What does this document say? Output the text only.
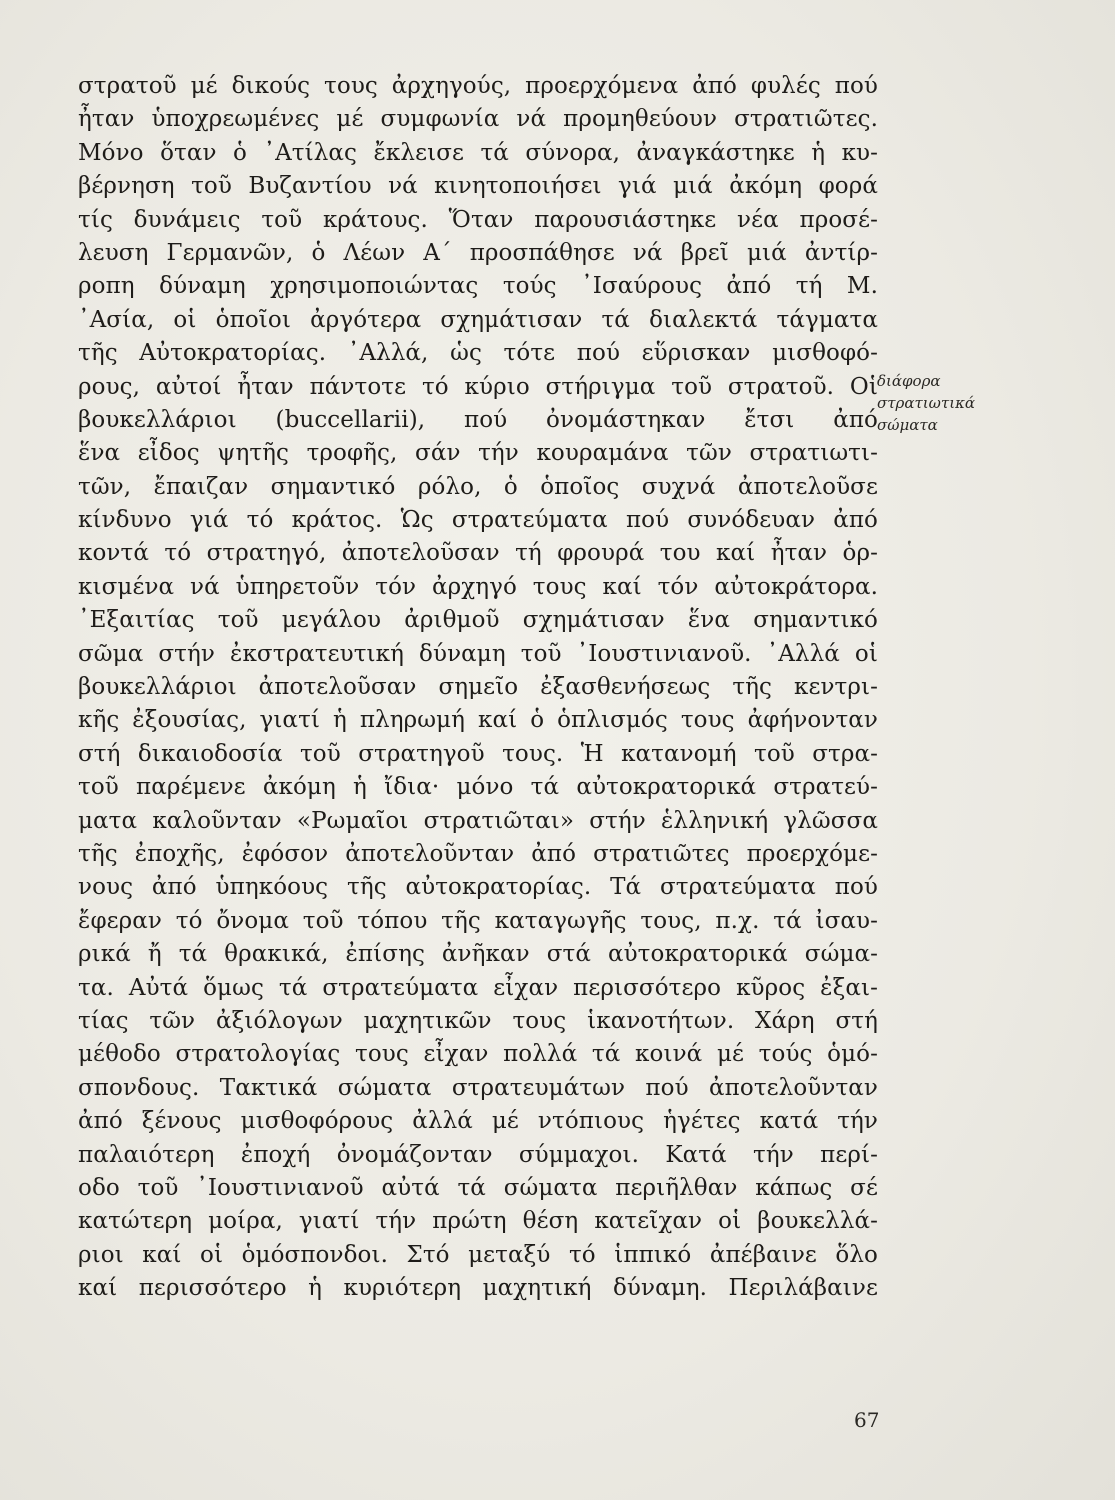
στρατοῦ μέ δικούς τους ἀρχηγούς, προερχόμενα ἀπό φυλές πού
ἦταν ὑποχρεωμένες μέ συμφωνία νά προμηθεύουν στρατιῶτες.
Μόνο ὅταν ὁ ᾿Ατίλας ἔκλεισε τά σύνορα, ἀναγκάστηκε ἡ κυ-
βέρνηση τοῦ Βυζαντίου νά κινητοποιήσει γιά μιά ἀκόμη φορά
τίς δυνάμεις τοῦ κράτους. Ὅταν παρουσιάστηκε νέα προσέ-
λευση Γερμανῶν, ὁ Λέων Α΄ προσπάθησε νά βρεῖ μιά ἀντίρ-
ροπη δύναμη χρησιμοποιώντας τούς ᾿Ισαύρους ἀπό τή Μ.
᾿Ασία, οἱ ὁποῖοι ἀργότερα σχημάτισαν τά διαλεκτά τάγματα
τῆς Αὐτοκρατορίας. ᾿Αλλά, ὡς τότε πού εὕρισκαν μισθοφό-
ρους, αὐτοί ἦταν πάντοτε τό κύριο στήριγμα τοῦ στρατοῦ. Οἱ
βουκελλάριοι (buccellarii), πού ὀνομάστηκαν ἔτσι ἀπό
ἕνα εἶδος ψητῆς τροφῆς, σάν τήν κουραμάνα τῶν στρατιωτι-
τῶν, ἔπαιζαν σημαντικό ρόλο, ὁ ὁποῖος συχνά ἀποτελοῦσε
κίνδυνο γιά τό κράτος. Ὡς στρατεύματα πού συνόδευαν ἀπό
κοντά τό στρατηγό, ἀποτελοῦσαν τή φρουρά του καί ἦταν ὁρ-
κισμένα νά ὑπηρετοῦν τόν ἀρχηγό τους καί τόν αὐτοκράτορα.
᾿Εξαιτίας τοῦ μεγάλου ἀριθμοῦ σχημάτισαν ἕνα σημαντικό
σῶμα στήν ἐκστρατευτική δύναμη τοῦ ᾿Ιουστινιανοῦ. ᾿Αλλά οἱ
βουκελλάριοι ἀποτελοῦσαν σημεῖο ἐξασθενήσεως τῆς κεντρι-
κῆς ἐξουσίας, γιατί ἡ πληρωμή καί ὁ ὁπλισμός τους ἀφήνονταν
στή δικαιοδοσία τοῦ στρατηγοῦ τους. Ἡ κατανομή τοῦ στρα-
τοῦ παρέμενε ἀκόμη ἡ ἴδια· μόνο τά αὐτοκρατορικά στρατεύ-
ματα καλοῦνταν «Ρωμαῖοι στρατιῶται» στήν ἑλληνική γλῶσσα
τῆς ἐποχῆς, ἐφόσον ἀποτελοῦνταν ἀπό στρατιῶτες προερχόμε-
νους ἀπό ὑπηκόους τῆς αὐτοκρατορίας. Τά στρατεύματα πού
ἔφεραν τό ὄνομα τοῦ τόπου τῆς καταγωγῆς τους, π.χ. τά ἰσαυ-
ρικά ἤ τά θρακικά, ἐπίσης ἀνῆκαν στά αὐτοκρατορικά σώμα-
τα. Αὐτά ὅμως τά στρατεύματα εἶχαν περισσότερο κῦρος ἐξαι-
τίας τῶν ἀξιόλογων μαχητικῶν τους ἱκανοτήτων. Χάρη στή
μέθοδο στρατολογίας τους εἶχαν πολλά τά κοινά μέ τούς ὁμό-
σπονδους. Τακτικά σώματα στρατευμάτων πού ἀποτελοῦνταν
ἀπό ξένους μισθοφόρους ἀλλά μέ ντόπιους ἡγέτες κατά τήν
παλαιότερη ἐποχή ὀνομάζονταν σύμμαχοι. Κατά τήν περί-
οδο τοῦ ᾿Ιουστινιανοῦ αὐτά τά σώματα περιῆλθαν κάπως σέ
κατώτερη μοίρα, γιατί τήν πρώτη θέση κατεῖχαν οἱ βουκελλά-
ριοι καί οἱ ὁμόσπονδοι. Στό μεταξύ τό ἱππικό ἀπέβαινε ὅλο
καί περισσότερο ἡ κυριότερη μαχητική δύναμη. Περιλάβαινε
διάφορα
στρατιωτικά
σώματα
67
